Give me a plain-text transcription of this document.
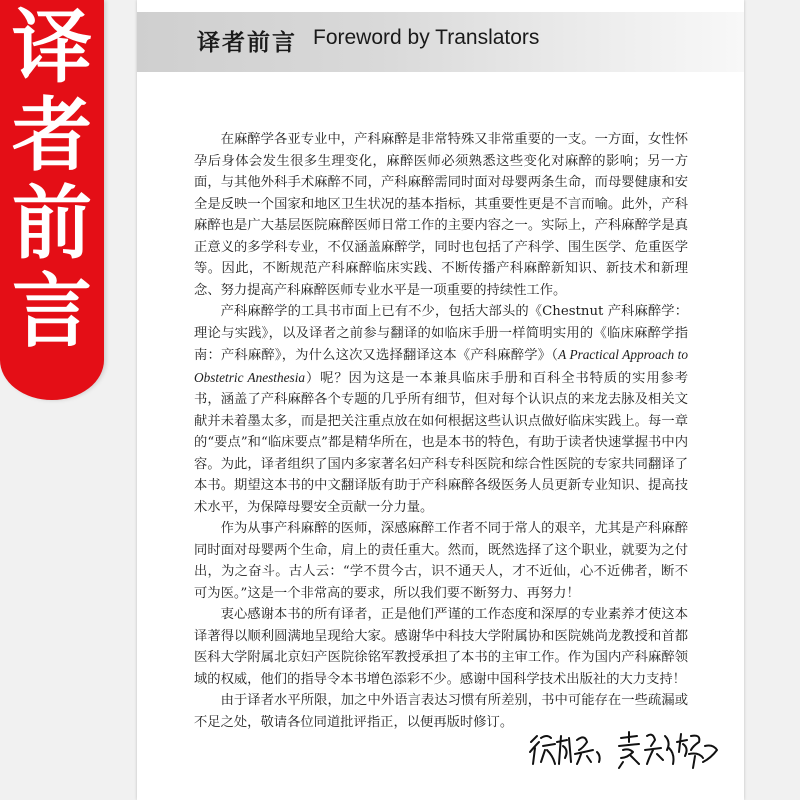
译
者
前
言
译者前言 Foreword by Translators

在麻醉学各亚专业中，产科麻醉是非常特殊又非常重要的一支。一方面，女性怀孕后身体会发生很多生理变化，麻醉医师必须熟悉这些变化对麻醉的影响；另一方面，与其他外科手术麻醉不同，产科麻醉需同时面对母婴两条生命，而母婴健康和安全是反映一个国家和地区卫生状况的基本指标，其重要性更是不言而喻。此外，产科麻醉也是广大基层医院麻醉医师日常工作的主要内容之一。实际上，产科麻醉学是真正意义的多学科专业，不仅涵盖麻醉学，同时也包括了产科学、围生医学、危重医学等。因此，不断规范产科麻醉临床实践、不断传播产科麻醉新知识、新技术和新理念、努力提高产科麻醉医师专业水平是一项重要的持续性工作。

产科麻醉学的工具书市面上已有不少，包括大部头的《Chestnut 产科麻醉学：理论与实践》，以及译者之前参与翻译的如临床手册一样简明实用的《临床麻醉学指南：产科麻醉》，为什么这次又选择翻译这本《产科麻醉学》（A Practical Approach to Obstetric Anesthesia）呢？因为这是一本兼具临床手册和百科全书特质的实用参考书，涵盖了产科麻醉各个专题的几乎所有细节，但对每个认识点的来龙去脉及相关文献并未着墨太多，而是把关注重点放在如何根据这些认识点做好临床实践上。每一章的“要点”和“临床要点”都是精华所在，也是本书的特色，有助于读者快速掌握书中内容。为此，译者组织了国内多家著名妇产科专科医院和综合性医院的专家共同翻译了本书。期望这本书的中文翻译版有助于产科麻醉各级医务人员更新专业知识、提高技术水平，为保障母婴安全贡献一分力量。

作为从事产科麻醉的医师，深感麻醉工作者不同于常人的艰辛，尤其是产科麻醉同时面对母婴两个生命，肩上的责任重大。然而，既然选择了这个职业，就要为之付出，为之奋斗。古人云：“学不贯今古，识不通天人，才不近仙，心不近佛者，断不可为医。”这是一个非常高的要求，所以我们要不断努力、再努力！

衷心感谢本书的所有译者，正是他们严谨的工作态度和深厚的专业素养才使这本译著得以顺利圆满地呈现给大家。感谢华中科技大学附属协和医院姚尚龙教授和首都医科大学附属北京妇产医院徐铭军教授承担了本书的主审工作。作为国内产科麻醉领域的权威，他们的指导令本书增色添彩不少。感谢中国科学技术出版社的大力支持！

由于译者水平所限，加之中外语言表达习惯有所差别，书中可能存在一些疏漏或不足之处，敬请各位同道批评指正，以便再版时修订。
